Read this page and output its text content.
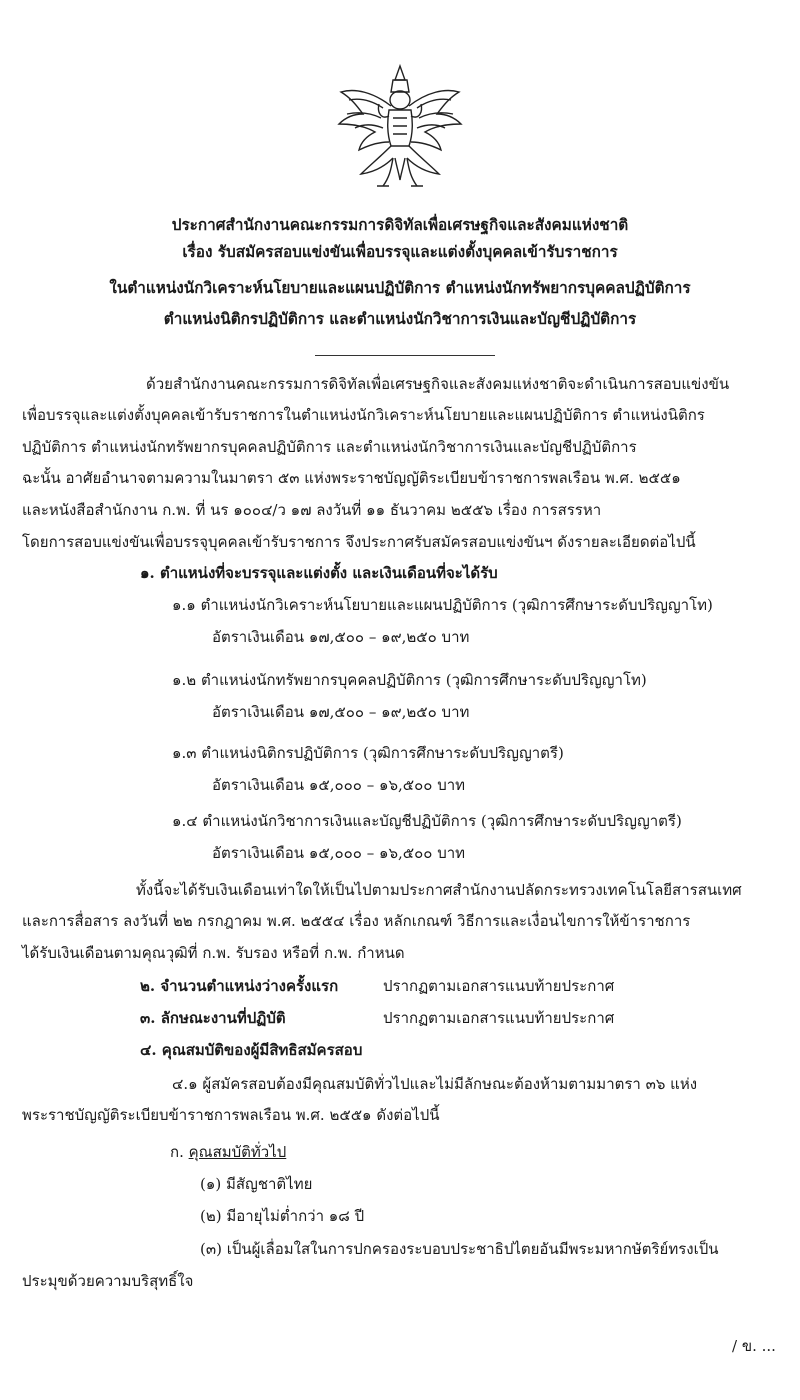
ประกาศสำนักงานคณะกรรมการดิจิทัลเพื่อเศรษฐกิจและสังคมแห่งชาติ
เรื่อง รับสมัครสอบแข่งขันเพื่อบรรจุและแต่งตั้งบุคคลเข้ารับราชการ
ในตำแหน่งนักวิเคราะห์นโยบายและแผนปฏิบัติการ ตำแหน่งนักทรัพยากรบุคคลปฏิบัติการ
ตำแหน่งนิติกรปฏิบัติการ และตำแหน่งนักวิชาการเงินและบัญชีปฏิบัติการ
ด้วยสำนักงานคณะกรรมการดิจิทัลเพื่อเศรษฐกิจและสังคมแห่งชาติจะดำเนินการสอบแข่งขัน
เพื่อบรรจุและแต่งตั้งบุคคลเข้ารับราชการในตำแหน่งนักวิเคราะห์นโยบายและแผนปฏิบัติการ ตำแหน่งนิติกร
ปฏิบัติการ ตำแหน่งนักทรัพยากรบุคคลปฏิบัติการ และตำแหน่งนักวิชาการเงินและบัญชีปฏิบัติการ
ฉะนั้น อาศัยอำนาจตามความในมาตรา ๕๓ แห่งพระราชบัญญัติระเบียบข้าราชการพลเรือน พ.ศ. ๒๕๕๑
และหนังสือสำนักงาน ก.พ. ที่ นร ๑๐๐๔/ว ๑๗ ลงวันที่ ๑๑ ธันวาคม ๒๕๕๖ เรื่อง การสรรหา
โดยการสอบแข่งขันเพื่อบรรจุบุคคลเข้ารับราชการ จึงประกาศรับสมัครสอบแข่งขันฯ ดังรายละเอียดต่อไปนี้
๑. ตำแหน่งที่จะบรรจุและแต่งตั้ง และเงินเดือนที่จะได้รับ
๑.๑ ตำแหน่งนักวิเคราะห์นโยบายและแผนปฏิบัติการ (วุฒิการศึกษาระดับปริญญาโท)
อัตราเงินเดือน ๑๗,๕๐๐ – ๑๙,๒๕๐ บาท
๑.๒ ตำแหน่งนักทรัพยากรบุคคลปฏิบัติการ (วุฒิการศึกษาระดับปริญญาโท)
อัตราเงินเดือน ๑๗,๕๐๐ – ๑๙,๒๕๐ บาท
๑.๓ ตำแหน่งนิติกรปฏิบัติการ (วุฒิการศึกษาระดับปริญญาตรี)
อัตราเงินเดือน ๑๕,๐๐๐ – ๑๖,๕๐๐ บาท
๑.๔ ตำแหน่งนักวิชาการเงินและบัญชีปฏิบัติการ (วุฒิการศึกษาระดับปริญญาตรี)
อัตราเงินเดือน ๑๕,๐๐๐ – ๑๖,๕๐๐ บาท
ทั้งนี้จะได้รับเงินเดือนเท่าใดให้เป็นไปตามประกาศสำนักงานปลัดกระทรวงเทคโนโลยีสารสนเทศ
และการสื่อสาร ลงวันที่ ๒๒ กรกฎาคม พ.ศ. ๒๕๕๔ เรื่อง หลักเกณฑ์ วิธีการและเงื่อนไขการให้ข้าราชการ
ได้รับเงินเดือนตามคุณวุฒิที่ ก.พ. รับรอง หรือที่ ก.พ. กำหนด
๒. จำนวนตำแหน่งว่างครั้งแรก	ปรากฏตามเอกสารแนบท้ายประกาศ
๓. ลักษณะงานที่ปฏิบัติ	ปรากฏตามเอกสารแนบท้ายประกาศ
๔. คุณสมบัติของผู้มีสิทธิสมัครสอบ
๔.๑ ผู้สมัครสอบต้องมีคุณสมบัติทั่วไปและไม่มีลักษณะต้องห้ามตามมาตรา ๓๖ แห่ง
พระราชบัญญัติระเบียบข้าราชการพลเรือน พ.ศ. ๒๕๕๑ ดังต่อไปนี้
ก. คุณสมบัติทั่วไป
(๑) มีสัญชาติไทย
(๒) มีอายุไม่ต่ำกว่า ๑๘ ปี
(๓) เป็นผู้เลื่อมใสในการปกครองระบอบประชาธิปไตยอันมีพระมหากษัตริย์ทรงเป็น
ประมุขด้วยความบริสุทธิ์ใจ
/ ข. ...
